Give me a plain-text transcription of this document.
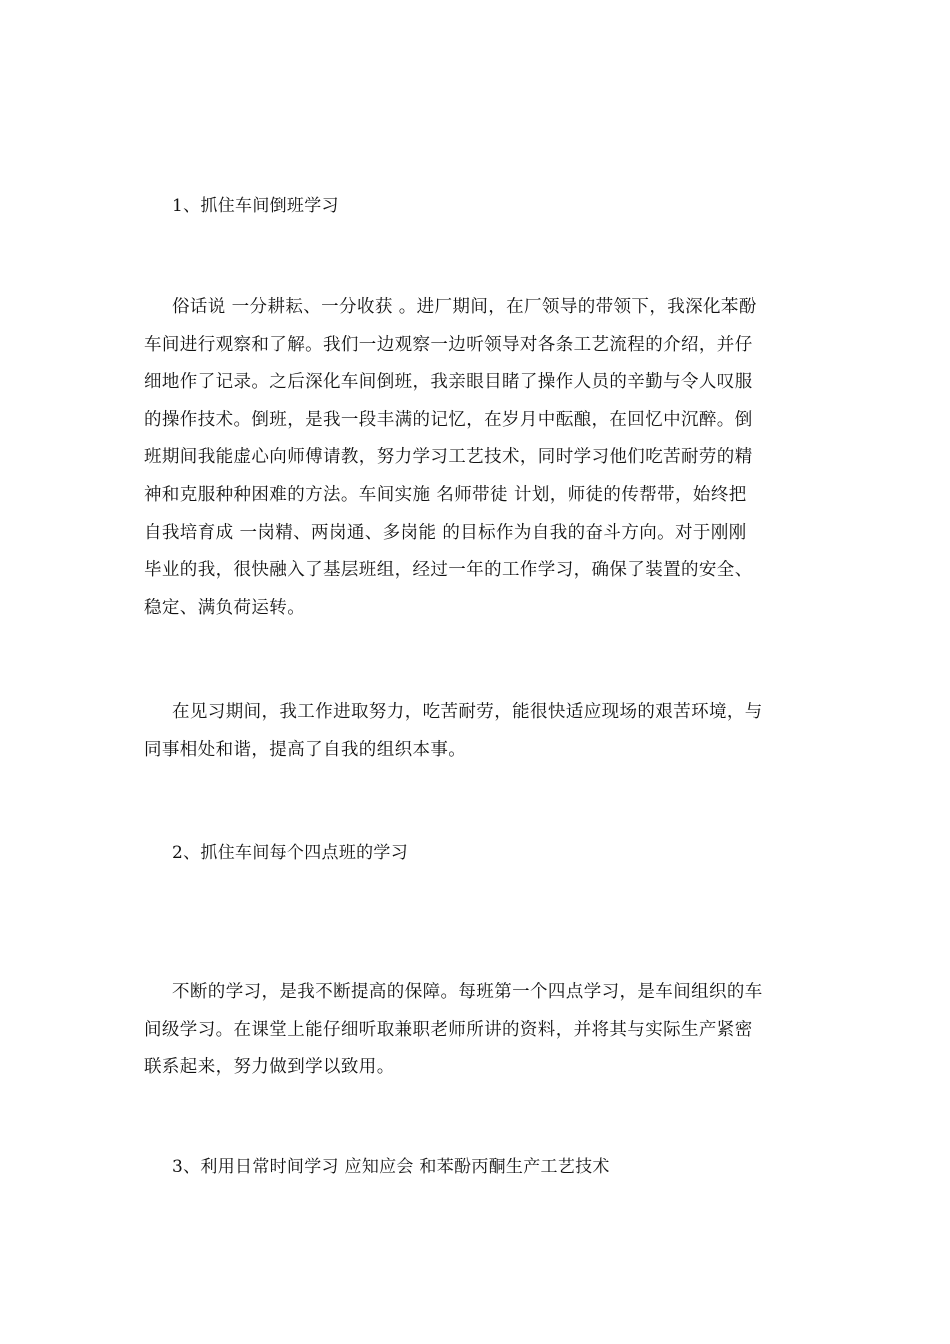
1、抓住车间倒班学习

俗话说 一分耕耘、一分收获 。进厂期间，在厂领导的带领下，我深化苯酚
车间进行观察和了解。我们一边观察一边听领导对各条工艺流程的介绍，并仔
细地作了记录。之后深化车间倒班，我亲眼目睹了操作人员的辛勤与令人叹服
的操作技术。倒班，是我一段丰满的记忆，在岁月中酝酿，在回忆中沉醉。倒
班期间我能虚心向师傅请教，努力学习工艺技术，同时学习他们吃苦耐劳的精
神和克服种种困难的方法。车间实施 名师带徒 计划，师徒的传帮带，始终把
自我培育成 一岗精、两岗通、多岗能 的目标作为自我的奋斗方向。对于刚刚
毕业的我，很快融入了基层班组，经过一年的工作学习，确保了装置的安全、
稳定、满负荷运转。

在见习期间，我工作进取努力，吃苦耐劳，能很快适应现场的艰苦环境，与
同事相处和谐，提高了自我的组织本事。

2、抓住车间每个四点班的学习

不断的学习，是我不断提高的保障。每班第一个四点学习，是车间组织的车
间级学习。在课堂上能仔细听取兼职老师所讲的资料，并将其与实际生产紧密
联系起来，努力做到学以致用。

3、利用日常时间学习 应知应会 和苯酚丙酮生产工艺技术
